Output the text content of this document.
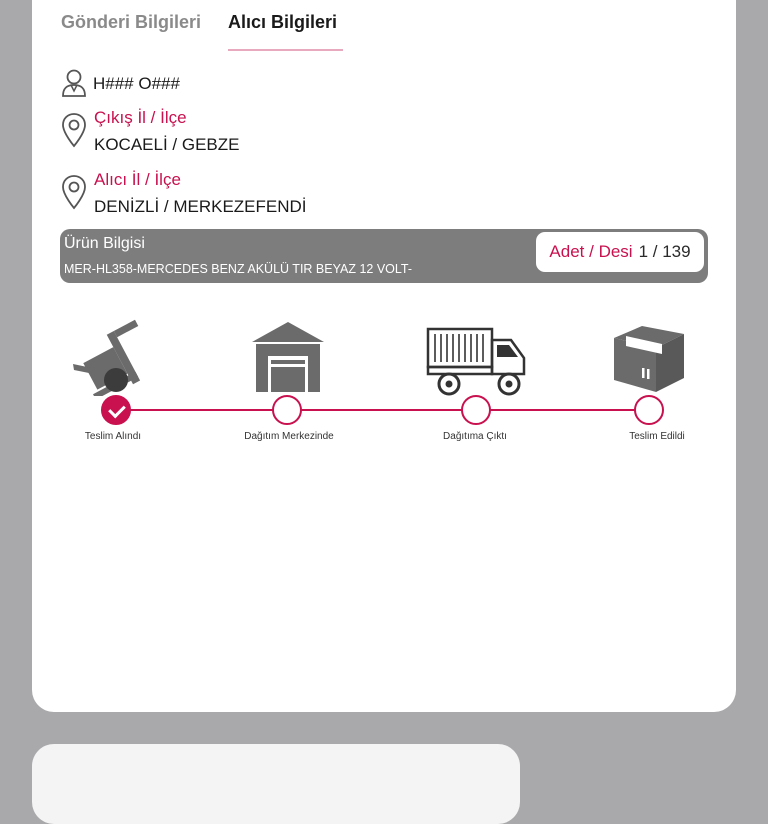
Gönderi Bilgileri Alıcı Bilgileri
H### O###
Çıkış İl / İlçe
KOCAELİ / GEBZE
Alıcı İl / İlçe
DENİZLİ / MERKEZEFENDİ
Ürün Bilgisi
MER-HL358-MERCEDES BENZ AKÜLÜ TIR BEYAZ 12 VOLT-
Adet / Desi 1 / 139
Teslim Alındı	Dağıtım Merkezinde	Dağıtıma Çıktı	Teslim Edildi
